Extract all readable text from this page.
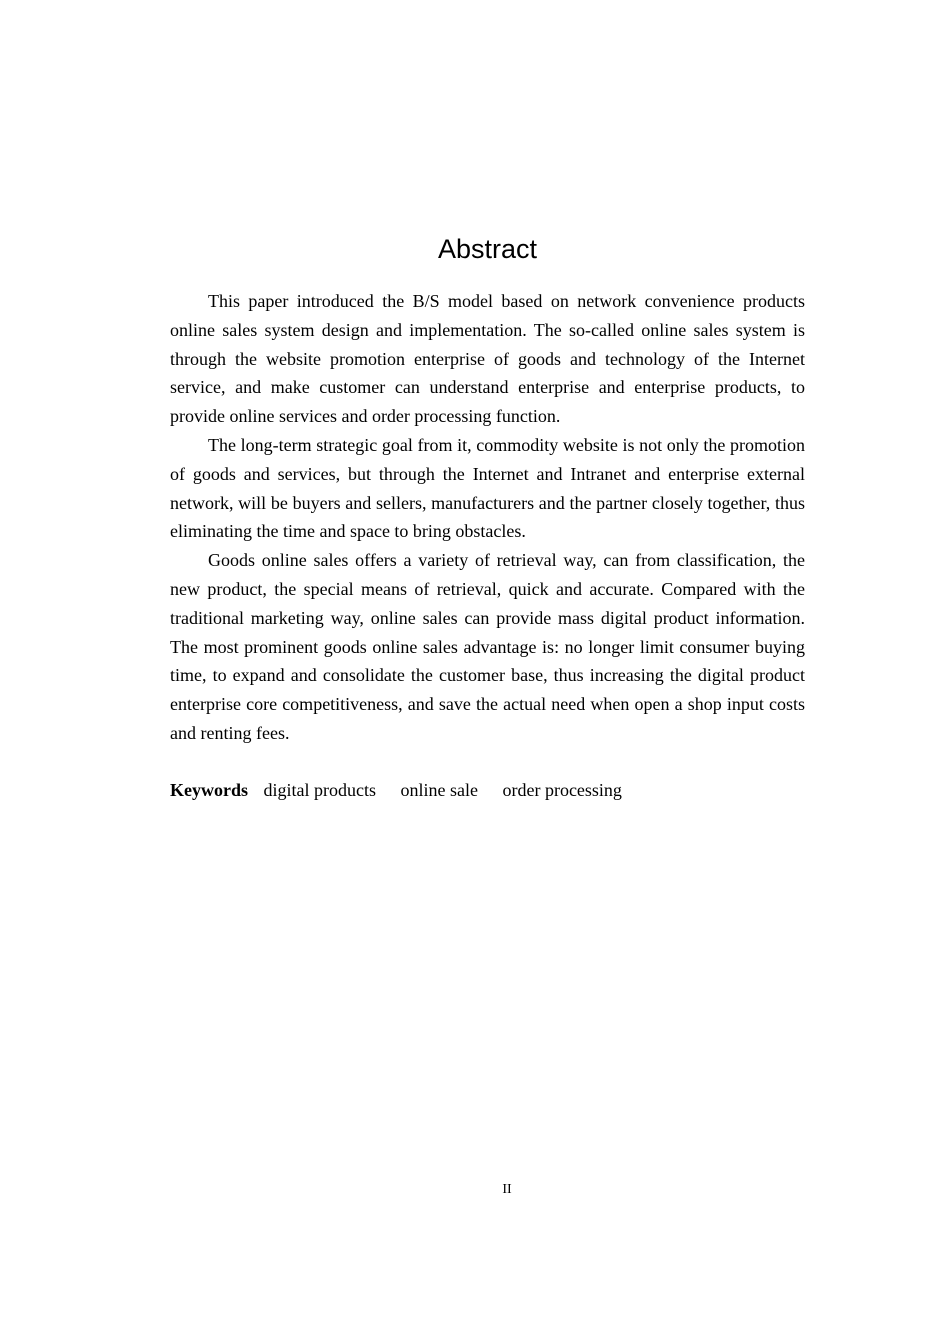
Abstract

This paper introduced the B/S model based on network convenience products online sales system design and implementation. The so-called online sales system is through the website promotion enterprise of goods and technology of the Internet service, and make customer can understand enterprise and enterprise products, to provide online services and order processing function.

The long-term strategic goal from it, commodity website is not only the promotion of goods and services, but through the Internet and Intranet and enterprise external network, will be buyers and sellers, manufacturers and the partner closely together, thus eliminating the time and space to bring obstacles.

Goods online sales offers a variety of retrieval way, can from classification, the new product, the special means of retrieval, quick and accurate. Compared with the traditional marketing way, online sales can provide mass digital product information. The most prominent goods online sales advantage is: no longer limit consumer buying time, to expand and consolidate the customer base, thus increasing the digital product enterprise core competitiveness, and save the actual need when open a shop input costs and renting fees.

Keywords digital products online sale order processing
II
